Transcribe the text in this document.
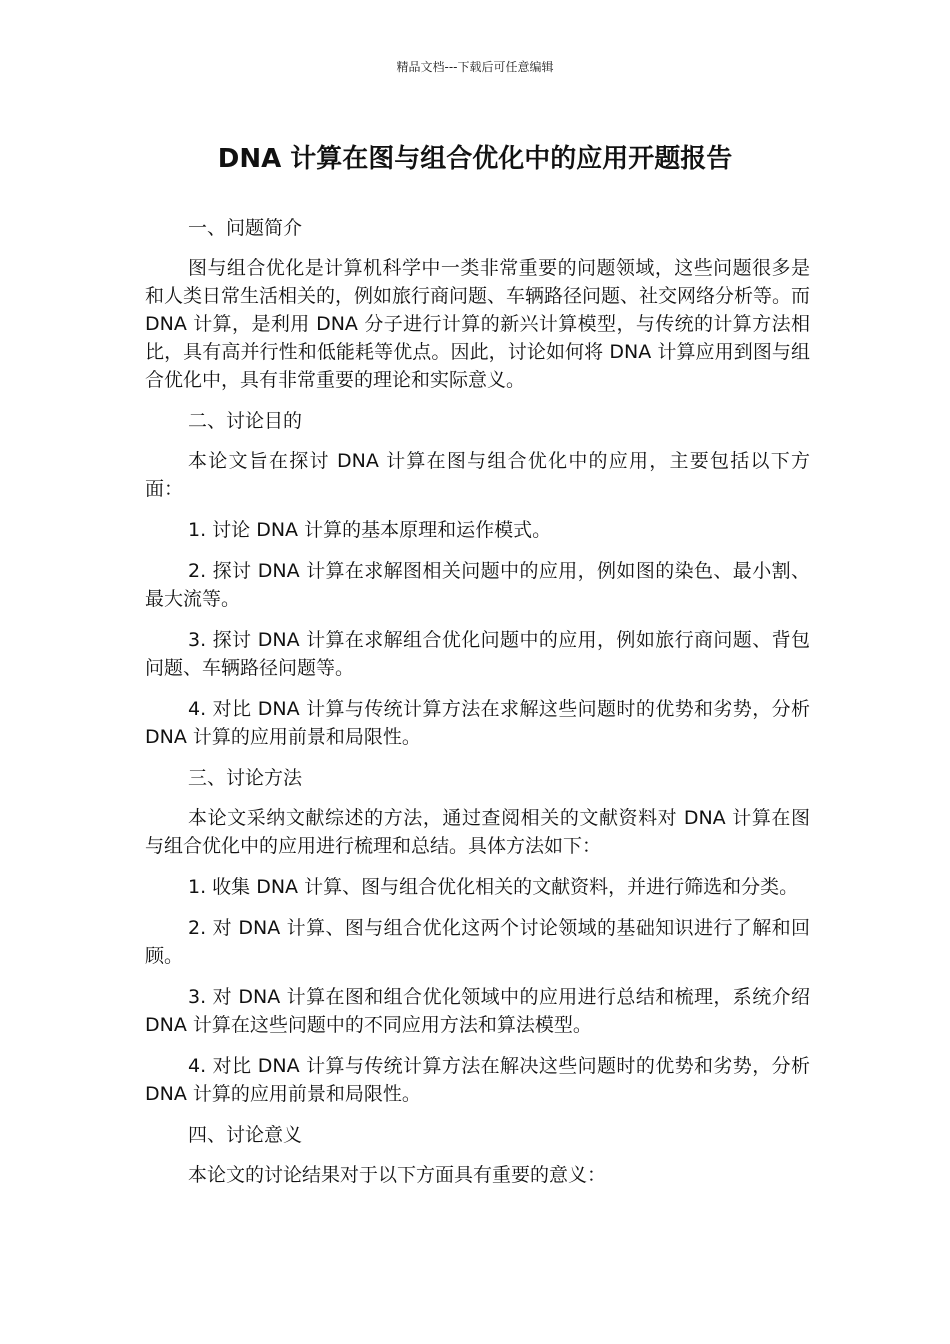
精品文档---下载后可任意编辑
DNA 计算在图与组合优化中的应用开题报告

一、问题简介

图与组合优化是计算机科学中一类非常重要的问题领域，这些问题很多是和人类日常生活相关的，例如旅行商问题、车辆路径问题、社交网络分析等。而 DNA 计算，是利用 DNA 分子进行计算的新兴计算模型，与传统的计算方法相比，具有高并行性和低能耗等优点。因此，讨论如何将 DNA 计算应用到图与组合优化中，具有非常重要的理论和实际意义。

二、讨论目的

本论文旨在探讨 DNA 计算在图与组合优化中的应用，主要包括以下方面：

1. 讨论 DNA 计算的基本原理和运作模式。

2. 探讨 DNA 计算在求解图相关问题中的应用，例如图的染色、最小割、最大流等。

3. 探讨 DNA 计算在求解组合优化问题中的应用，例如旅行商问题、背包问题、车辆路径问题等。

4. 对比 DNA 计算与传统计算方法在求解这些问题时的优势和劣势，分析 DNA 计算的应用前景和局限性。

三、讨论方法

本论文采纳文献综述的方法，通过查阅相关的文献资料对 DNA 计算在图与组合优化中的应用进行梳理和总结。具体方法如下：

1. 收集 DNA 计算、图与组合优化相关的文献资料，并进行筛选和分类。

2. 对 DNA 计算、图与组合优化这两个讨论领域的基础知识进行了解和回顾。

3. 对 DNA 计算在图和组合优化领域中的应用进行总结和梳理，系统介绍 DNA 计算在这些问题中的不同应用方法和算法模型。

4. 对比 DNA 计算与传统计算方法在解决这些问题时的优势和劣势，分析 DNA 计算的应用前景和局限性。

四、讨论意义

本论文的讨论结果对于以下方面具有重要的意义：
